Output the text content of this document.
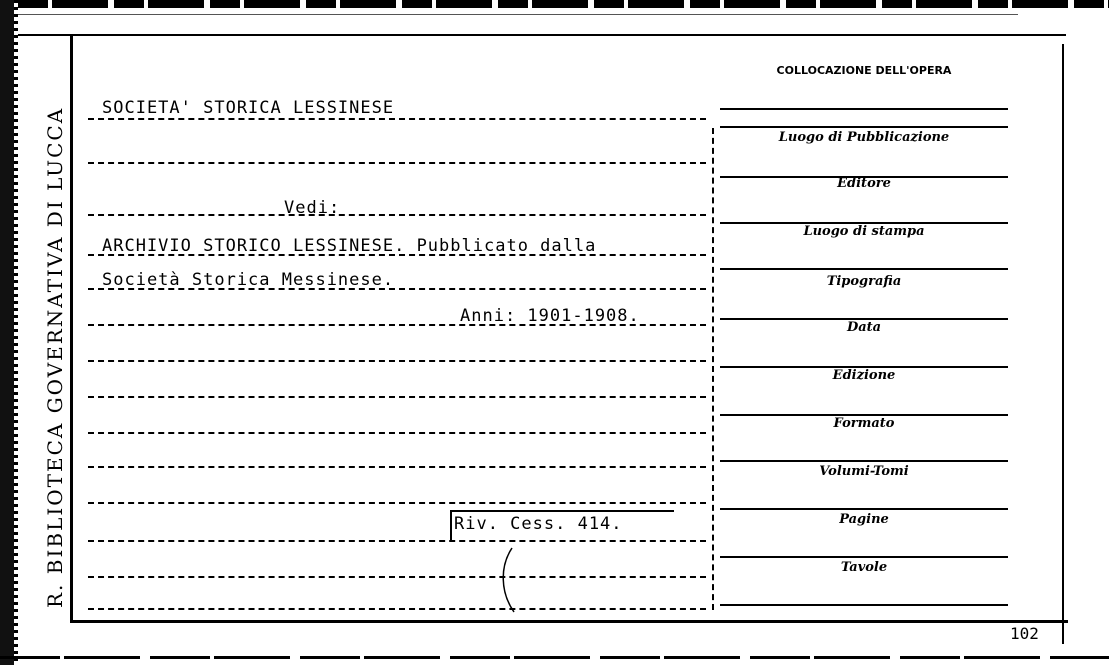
R. BIBLIOTECA GOVERNATIVA DI LUCCA SOCIETA' STORICA LESSINESE
Vedi:
ARCHIVIO STORICO LESSINESE. Pubblicato dalla
Società Storica Messinese.
Anni: 1901-1908.
Riv. Cess. 414.
COLLOCAZIONE DELL'OPERA
Luogo di Pubblicazione
Editore
Luogo di stampa
Tipografia
Data
Edizione
Formato
Volumi-Tomi
Pagine
Tavole
102
